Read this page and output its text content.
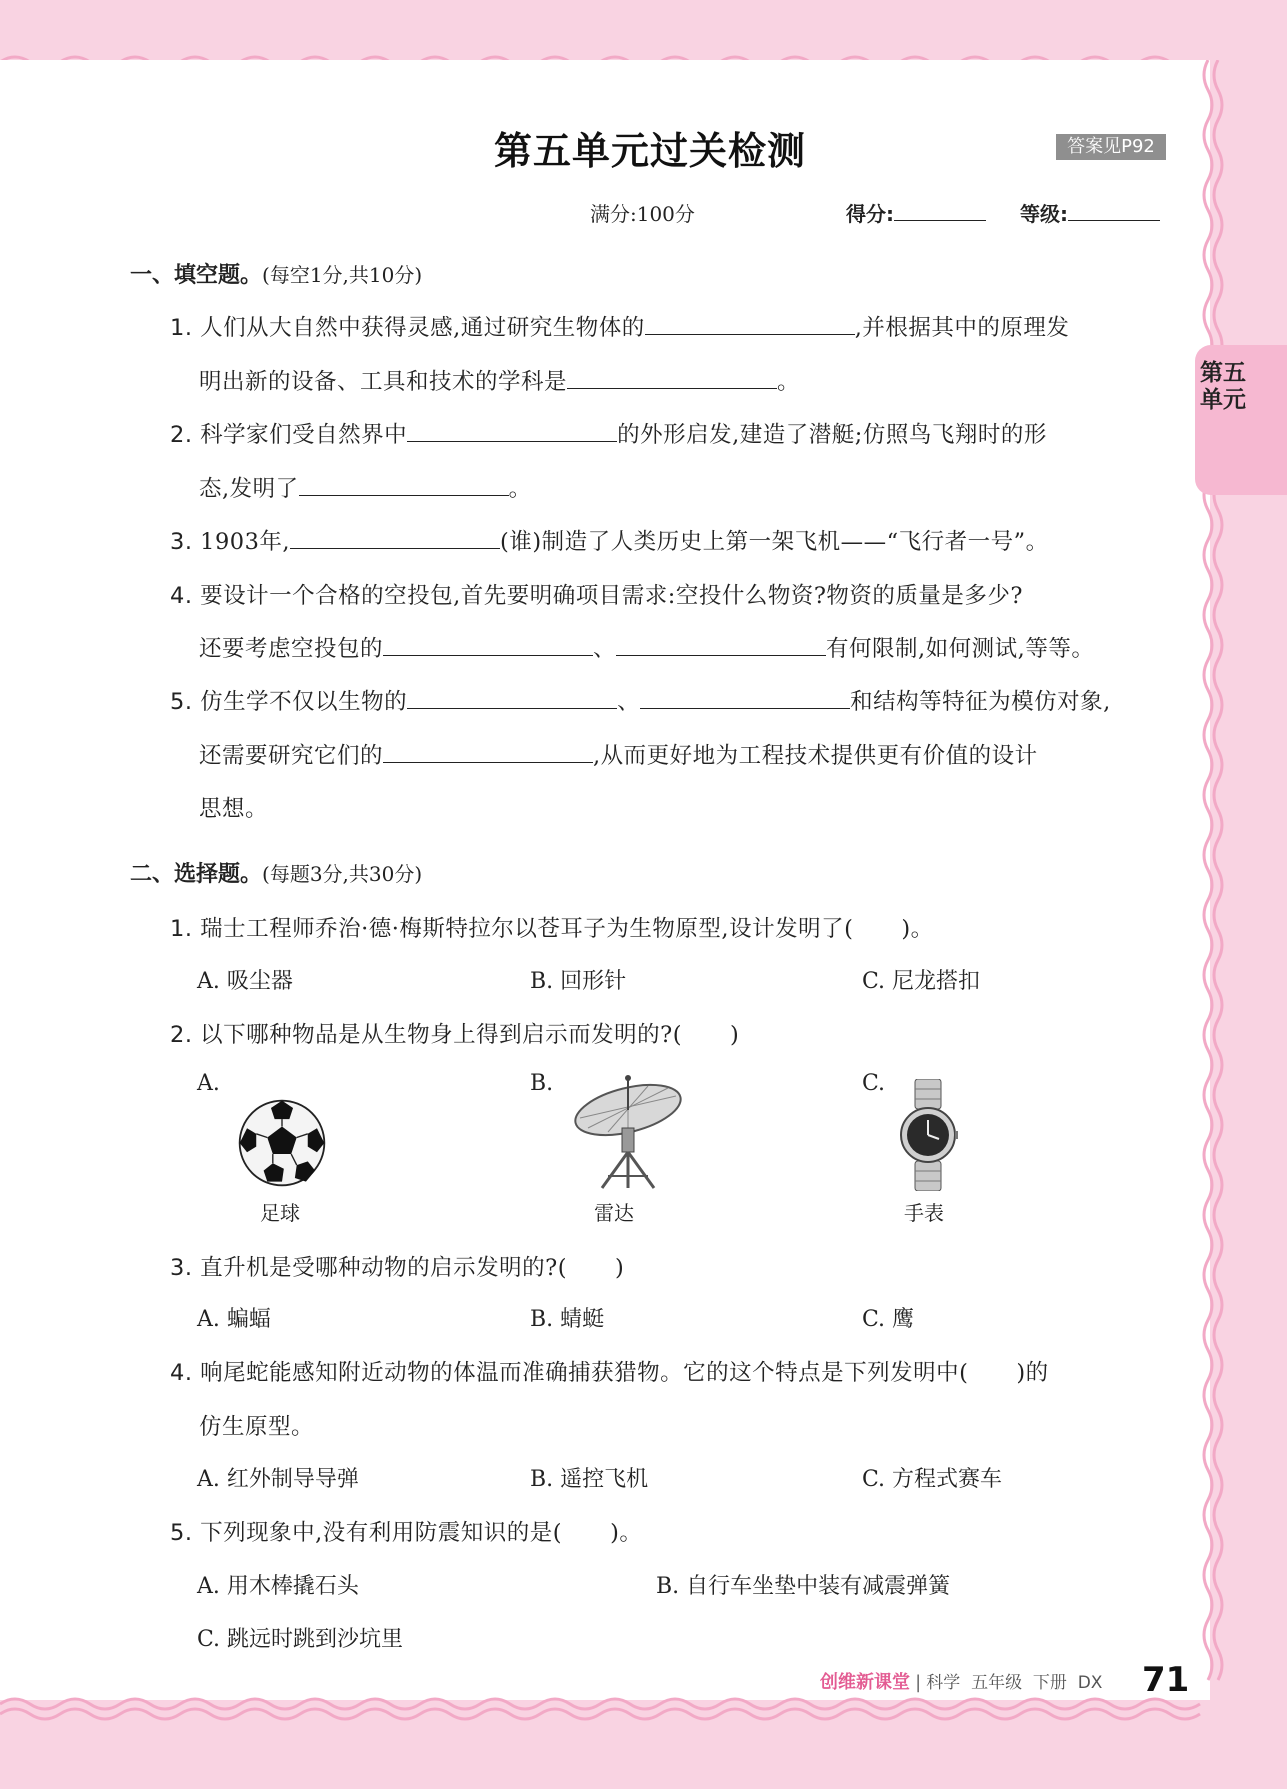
第五单元
第五单元过关检测	答案见P92
满分:100分	得分:	等级:
一、填空题。(每空1分,共10分)
1. 人们从大自然中获得灵感,通过研究生物体的	,并根据其中的原理发
明出新的设备、工具和技术的学科是	。
2. 科学家们受自然界中	的外形启发,建造了潜艇;仿照鸟飞翔时的形
态,发明了	。
3. 1903年,	(谁)制造了人类历史上第一架飞机——“飞行者一号”。
4. 要设计一个合格的空投包,首先要明确项目需求:空投什么物资?物资的质量是多少?
还要考虑空投包的	、	有何限制,如何测试,等等。
5. 仿生学不仅以生物的	、	和结构等特征为模仿对象,
还需要研究它们的	,从而更好地为工程技术提供更有价值的设计
思想。
二、选择题。(每题3分,共30分)
1. 瑞士工程师乔治·德·梅斯特拉尔以苍耳子为生物原型,设计发明了( )。
A. 吸尘器	B. 回形针	C. 尼龙搭扣
2. 以下哪种物品是从生物身上得到启示而发明的?( )
A.	B.	C.
足球	雷达	手表
3. 直升机是受哪种动物的启示发明的?( )
A. 蝙蝠	B. 蜻蜓	C. 鹰
4. 响尾蛇能感知附近动物的体温而准确捕获猎物。它的这个特点是下列发明中( )的
仿生原型。
A. 红外制导导弹	B. 遥控飞机	C. 方程式赛车
5. 下列现象中,没有利用防震知识的是( )。
A. 用木棒撬石头	B. 自行车坐垫中装有减震弹簧
C. 跳远时跳到沙坑里
创维新课堂 | 科学  五年级  下册  DX 71
